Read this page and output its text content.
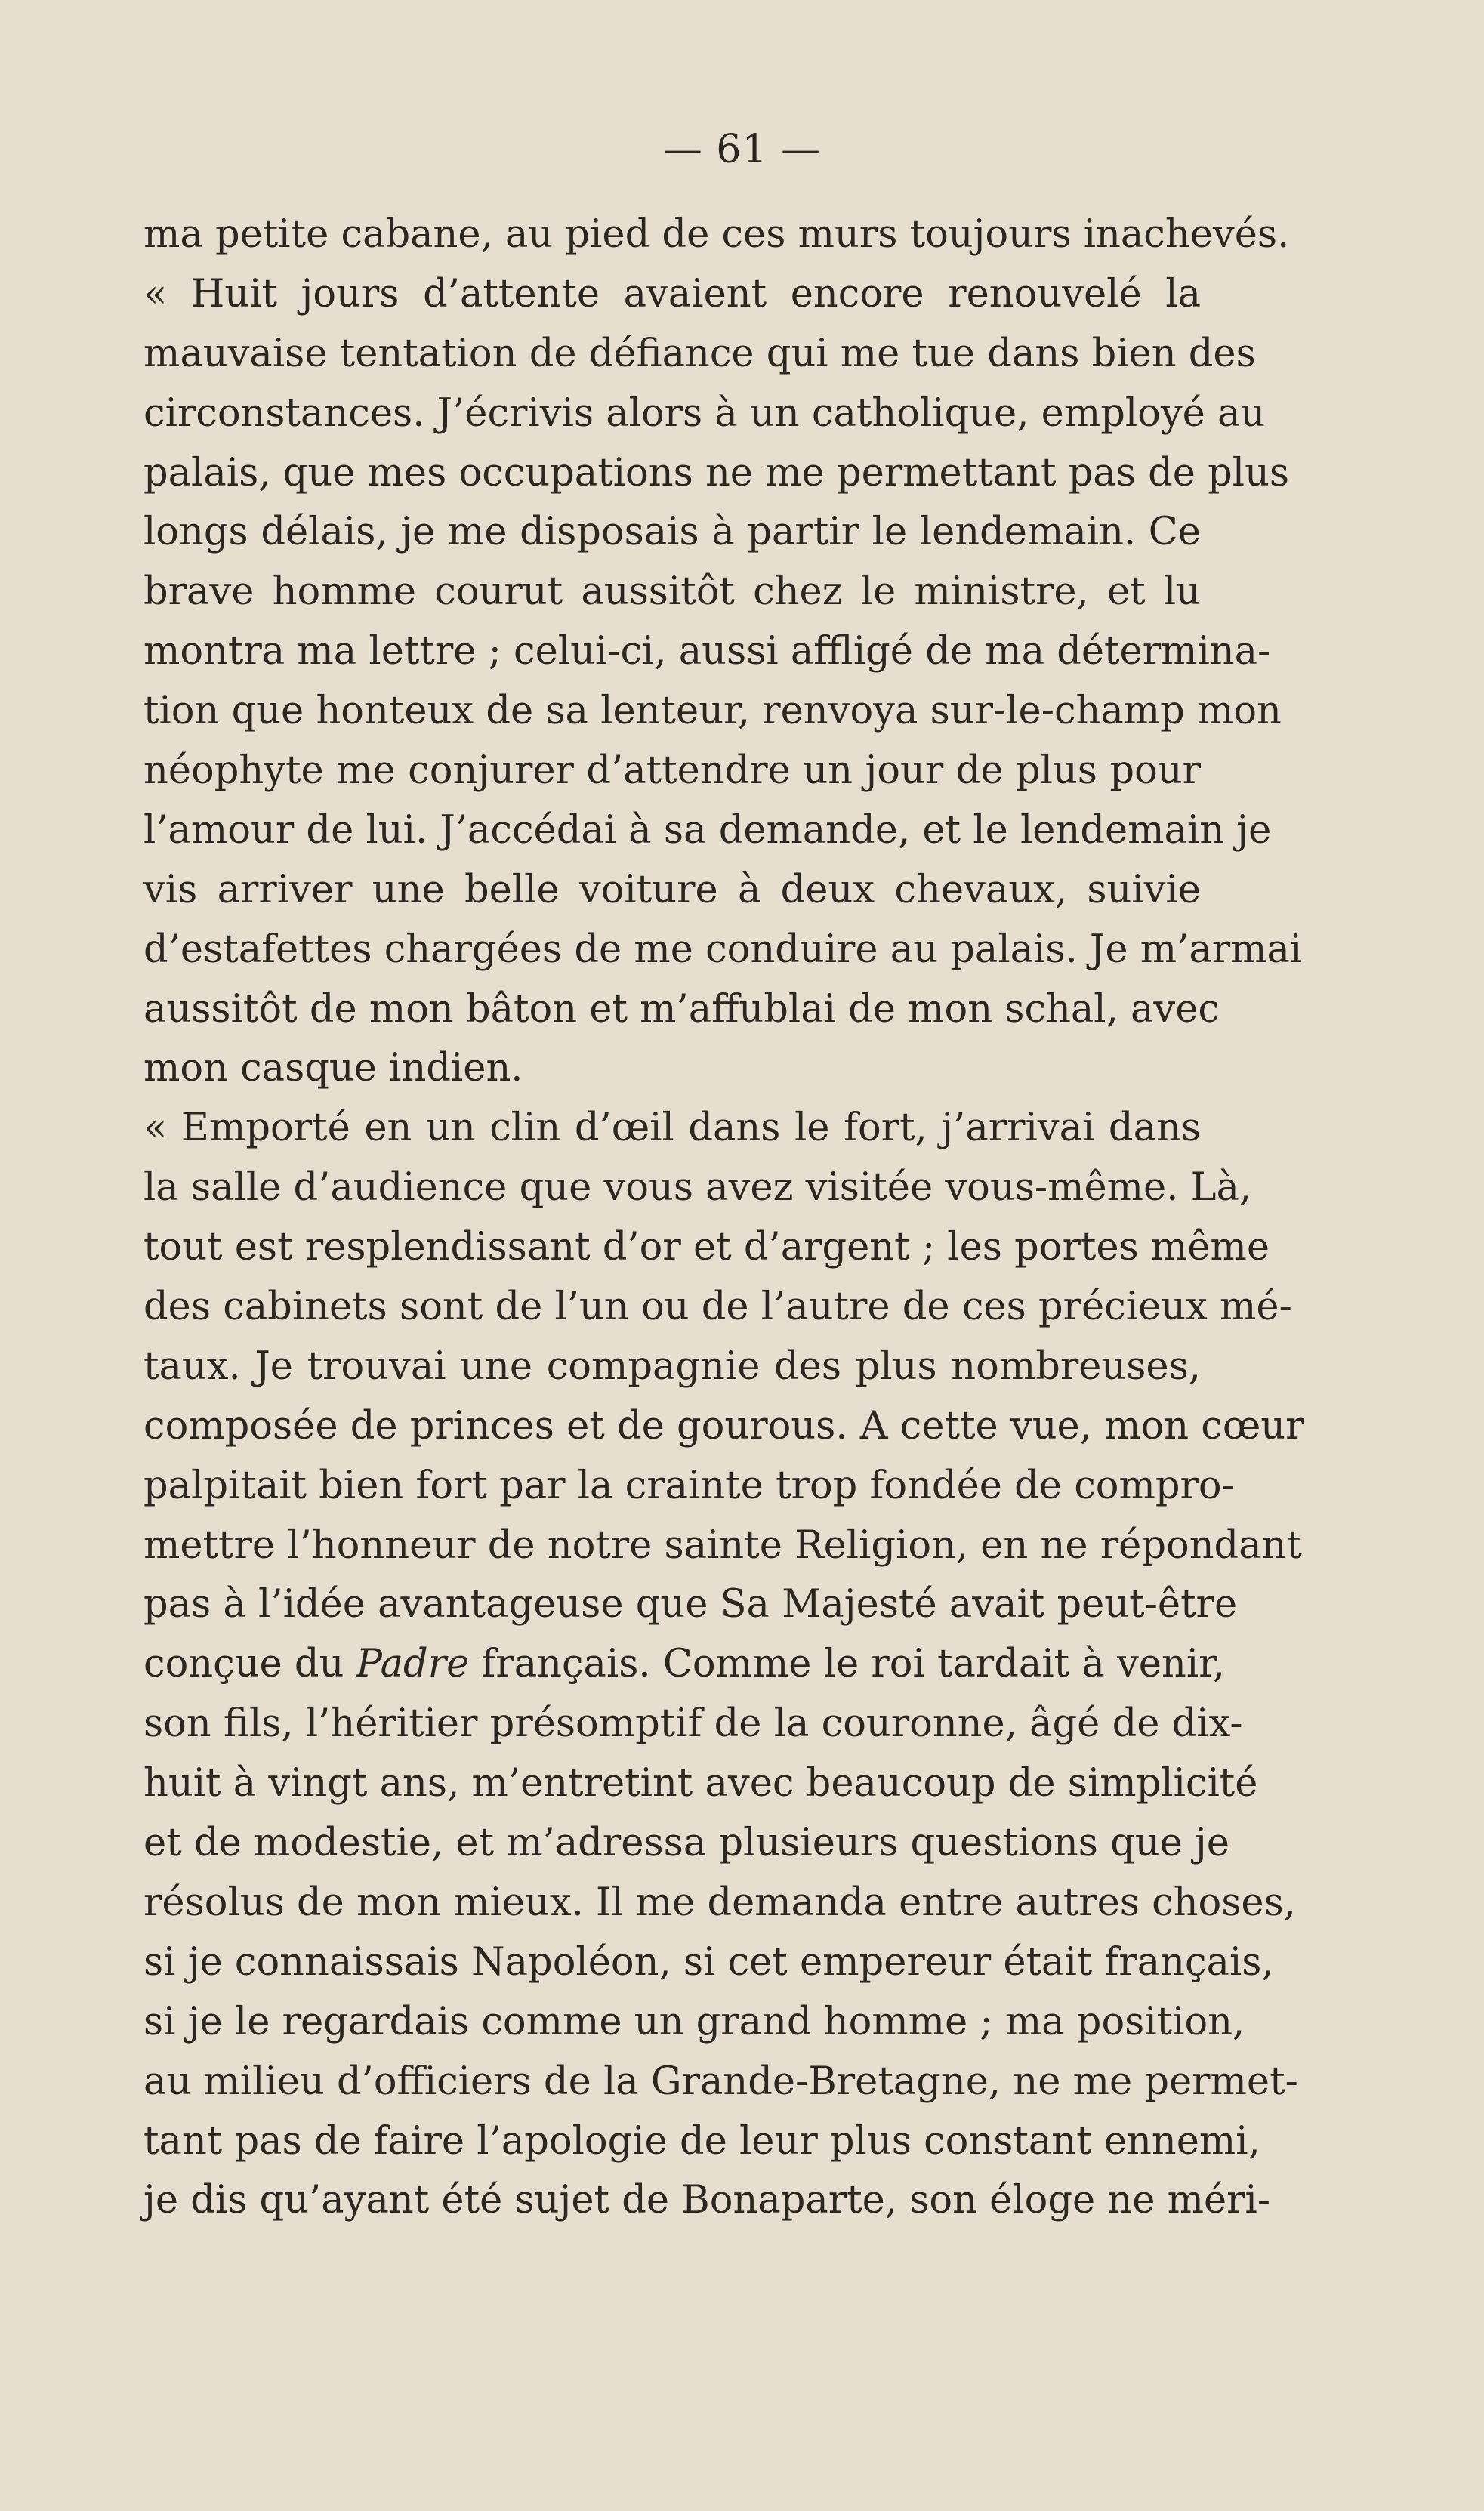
— 61 —
ma petite cabane, au pied de ces murs toujours inachevés.
« Huit jours d’attente avaient encore renouvelé la
mauvaise tentation de défiance qui me tue dans bien des
circonstances. J’écrivis alors à un catholique, employé au
palais, que mes occupations ne me permettant pas de plus
longs délais, je me disposais à partir le lendemain. Ce
brave homme courut aussitôt chez le ministre, et lu
montra ma lettre ; celui-ci, aussi affligé de ma détermina-
tion que honteux de sa lenteur, renvoya sur-le-champ mon
néophyte me conjurer d’attendre un jour de plus pour
l’amour de lui. J’accédai à sa demande, et le lendemain je
vis arriver une belle voiture à deux chevaux, suivie
d’estafettes chargées de me conduire au palais. Je m’armai
aussitôt de mon bâton et m’affublai de mon schal, avec
mon casque indien.
« Emporté en un clin d’œil dans le fort, j’arrivai dans
la salle d’audience que vous avez visitée vous-même. Là,
tout est resplendissant d’or et d’argent ; les portes même
des cabinets sont de l’un ou de l’autre de ces précieux mé-
taux. Je trouvai une compagnie des plus nombreuses,
composée de princes et de gourous. A cette vue, mon cœur
palpitait bien fort par la crainte trop fondée de compro-
mettre l’honneur de notre sainte Religion, en ne répondant
pas à l’idée avantageuse que Sa Majesté avait peut-être
conçue du Padre français. Comme le roi tardait à venir,
son fils, l’héritier présomptif de la couronne, âgé de dix-
huit à vingt ans, m’entretint avec beaucoup de simplicité
et de modestie, et m’adressa plusieurs questions que je
résolus de mon mieux. Il me demanda entre autres choses,
si je connaissais Napoléon, si cet empereur était français,
si je le regardais comme un grand homme ; ma position,
au milieu d’officiers de la Grande-Bretagne, ne me permet-
tant pas de faire l’apologie de leur plus constant ennemi,
je dis qu’ayant été sujet de Bonaparte, son éloge ne méri-
